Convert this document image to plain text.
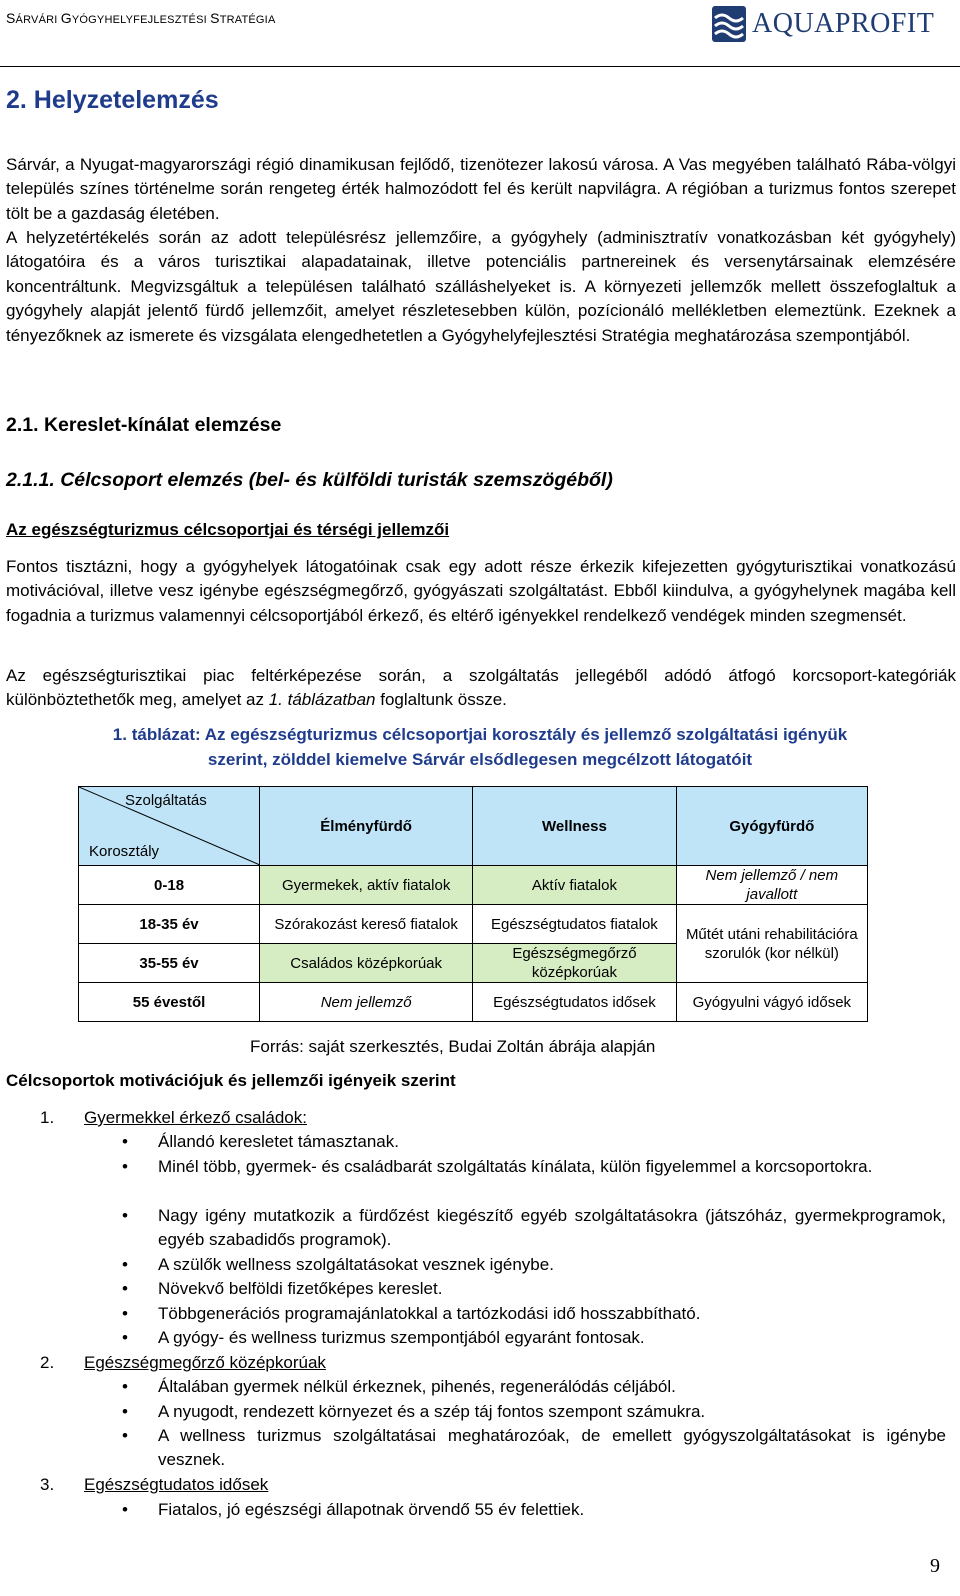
SÁRVÁRI GYÓGYHELYFEJLESZTÉSI STRATÉGIA	AQUAPROFIT
2. Helyzetelemzés
Sárvár, a Nyugat-magyarországi régió dinamikusan fejlődő, tizenötezer lakosú városa. A Vas megyében található Rába-völgyi település színes történelme során rengeteg érték halmozódott fel és került napvilágra. A régióban a turizmus fontos szerepet tölt be a gazdaság életében.
A helyzetértékelés során az adott településrész jellemzőire, a gyógyhely (adminisztratív vonatkozásban két gyógyhely) látogatóira és a város turisztikai alapadatainak, illetve potenciális partnereinek és versenytársainak elemzésére koncentráltunk. Megvizsgáltuk a településen található szálláshelyeket is. A környezeti jellemzők mellett összefoglaltuk a gyógyhely alapját jelentő fürdő jellemzőit, amelyet részletesebben külön, pozícionáló mellékletben elemeztünk. Ezeknek a tényezőknek az ismerete és vizsgálata elengedhetetlen a Gyógyhelyfejlesztési Stratégia meghatározása szempontjából.
2.1. Kereslet-kínálat elemzése
2.1.1. Célcsoport elemzés (bel- és külföldi turisták szemszögéből)
Az egészségturizmus célcsoportjai és térségi jellemzői
Fontos tisztázni, hogy a gyógyhelyek látogatóinak csak egy adott része érkezik kifejezetten gyógyturisztikai vonatkozású motivációval, illetve vesz igénybe egészségmegőrző, gyógyászati szolgáltatást. Ebből kiindulva, a gyógyhelynek magába kell fogadnia a turizmus valamennyi célcsoportjából érkező, és eltérő igényekkel rendelkező vendégek minden szegmensét.
Az egészségturisztikai piac feltérképezése során, a szolgáltatás jellegéből adódó átfogó korcsoport-kategóriák különböztethetők meg, amelyet az 1. táblázatban foglaltunk össze.
1. táblázat: Az egészségturizmus célcsoportjai korosztály és jellemző szolgáltatási igényük
szerint, zölddel kiemelve Sárvár elsődlegesen megcélzott látogatóit
Szolgáltatás
Korosztály	Élményfürdő	Wellness	Gyógyfürdő
0-18	Gyermekek, aktív fiatalok	Aktív fiatalok	Nem jellemző / nem javallott
18-35 év	Szórakozást kereső fiatalok	Egészségtudatos fiatalok	Műtét utáni rehabilitációra szorulók (kor nélkül)
35-55 év	Családos középkorúak	Egészségmegőrző középkorúak	
55 évestől	Nem jellemző	Egészségtudatos idősek	Gyógyulni vágyó idősek
Forrás: saját szerkesztés, Budai Zoltán ábrája alapján
Célcsoportok motivációjuk és jellemzői igényeik szerint
1. Gyermekkel érkező családok:
• Állandó keresletet támasztanak.
• Minél több, gyermek- és családbarát szolgáltatás kínálata, külön figyelemmel a korcsoportokra.
• Nagy igény mutatkozik a fürdőzést kiegészítő egyéb szolgáltatásokra (játszóház, gyermekprogramok, egyéb szabadidős programok).
• A szülők wellness szolgáltatásokat vesznek igénybe.
• Növekvő belföldi fizetőképes kereslet.
• Többgenerációs programajánlatokkal a tartózkodási idő hosszabbítható.
• A gyógy- és wellness turizmus szempontjából egyaránt fontosak.
2. Egészségmegőrző középkorúak
• Általában gyermek nélkül érkeznek, pihenés, regenerálódás céljából.
• A nyugodt, rendezett környezet és a szép táj fontos szempont számukra.
• A wellness turizmus szolgáltatásai meghatározóak, de emellett gyógyszolgáltatásokat is igénybe vesznek.
3. Egészségtudatos idősek
• Fiatalos, jó egészségi állapotnak örvendő 55 év felettiek.
9
